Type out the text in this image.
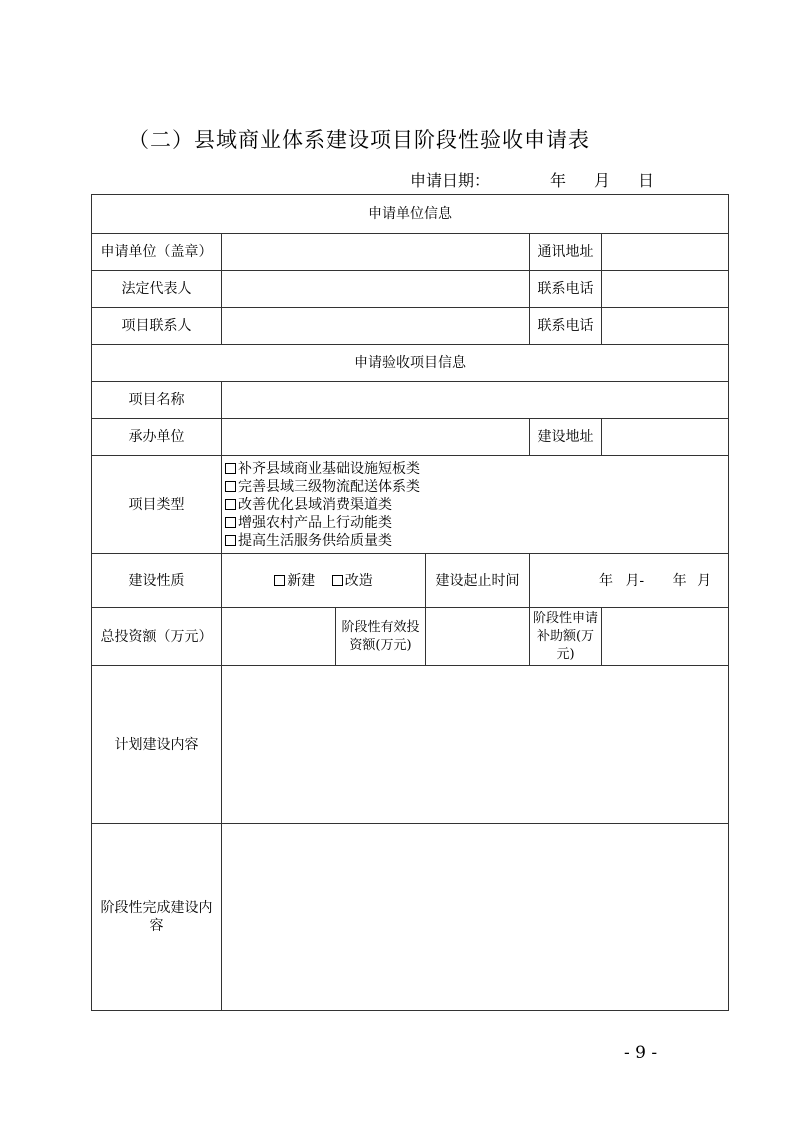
（二）县域商业体系建设项目阶段性验收申请表
申请日期：	年 月 日
申请单位信息					
申请单位（盖章）				通讯地址	
法定代表人				联系电话	
项目联系人				联系电话	
申请验收项目信息					
项目名称					
承办单位				建设地址	
项目类型	补齐县域商业基础设施短板类
完善县域三级物流配送体系类
改善优化县域消费渠道类
增强农村产品上行动能类
提高生活服务供给质量类				

建设性质	新建 改造		建设起止时间	年 月- 年 月	
总投资额（万元）		阶段性有效投资额(万元)		阶段性申请补助额(万元)	
计划建设内容					
阶段性完成建设内容					
- 9 -
